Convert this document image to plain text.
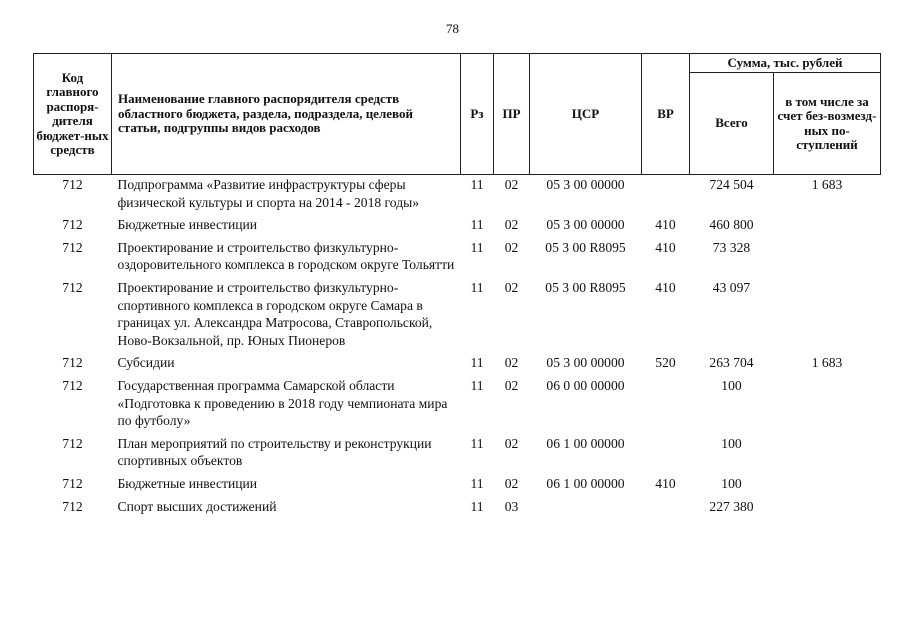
78
Код главного распоря-дителя бюджет-ных средств	Наименование главного распорядителя средств областного бюджета, раздела, подраздела, целевой статьи, подгруппы видов расходов	Рз	ПР	ЦСР	ВР	Сумма, тыс. рублей	
						Всего	в том числе за счет без-возмезд-ных по-ступлений
712	Подпрограмма «Развитие инфраструктуры сферы физической культуры и спорта на 2014 - 2018 годы»	11	02	05 3 00 00000		724 504	1 683
712	Бюджетные инвестиции	11	02	05 3 00 00000	410	460 800	
712	Проектирование и строительство физкультурно-оздоровительного комплекса в городском округе Тольятти	11	02	05 3 00 R8095	410	73 328	
712	Проектирование и строительство физкультурно-спортивного комплекса в городском округе Самара в границах ул. Александра Матросова, Ставропольской, Ново-Вокзальной, пр. Юных Пионеров	11	02	05 3 00 R8095	410	43 097	
712	Субсидии	11	02	05 3 00 00000	520	263 704	1 683
712	Государственная программа Самарской области «Подготовка к проведению в 2018 году чемпионата мира по футболу»	11	02	06 0 00 00000		100	
712	План мероприятий по строительству и реконструкции спортивных объектов	11	02	06 1 00 00000		100	
712	Бюджетные инвестиции	11	02	06 1 00 00000	410	100	
712	Спорт высших достижений	11	03			227 380	
